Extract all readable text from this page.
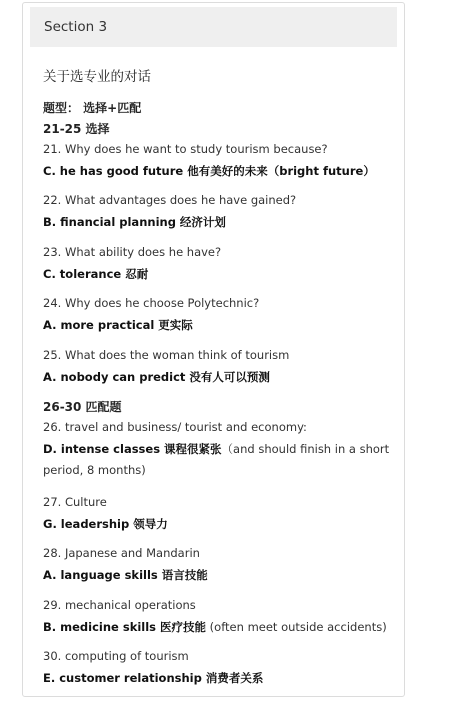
Section 3
关于选专业的对话
题型： 选择+匹配
21-25 选择
21. Why does he want to study tourism because?
C. he has good future 他有美好的未来（bright future）
22. What advantages does he have gained?
B. financial planning 经济计划
23. What ability does he have?
C. tolerance 忍耐
24. Why does he choose Polytechnic?
A. more practical 更实际
25. What does the woman think of tourism
A. nobody can predict 没有人可以预测
26-30 匹配题
26. travel and business/ tourist and economy:
D. intense classes 课程很紧张（and should finish in a short
period, 8 months)
27. Culture
G. leadership 领导力
28. Japanese and Mandarin
A. language skills 语言技能
29. mechanical operations
B. medicine skills 医疗技能 (often meet outside accidents)
30. computing of tourism
E. customer relationship 消费者关系
